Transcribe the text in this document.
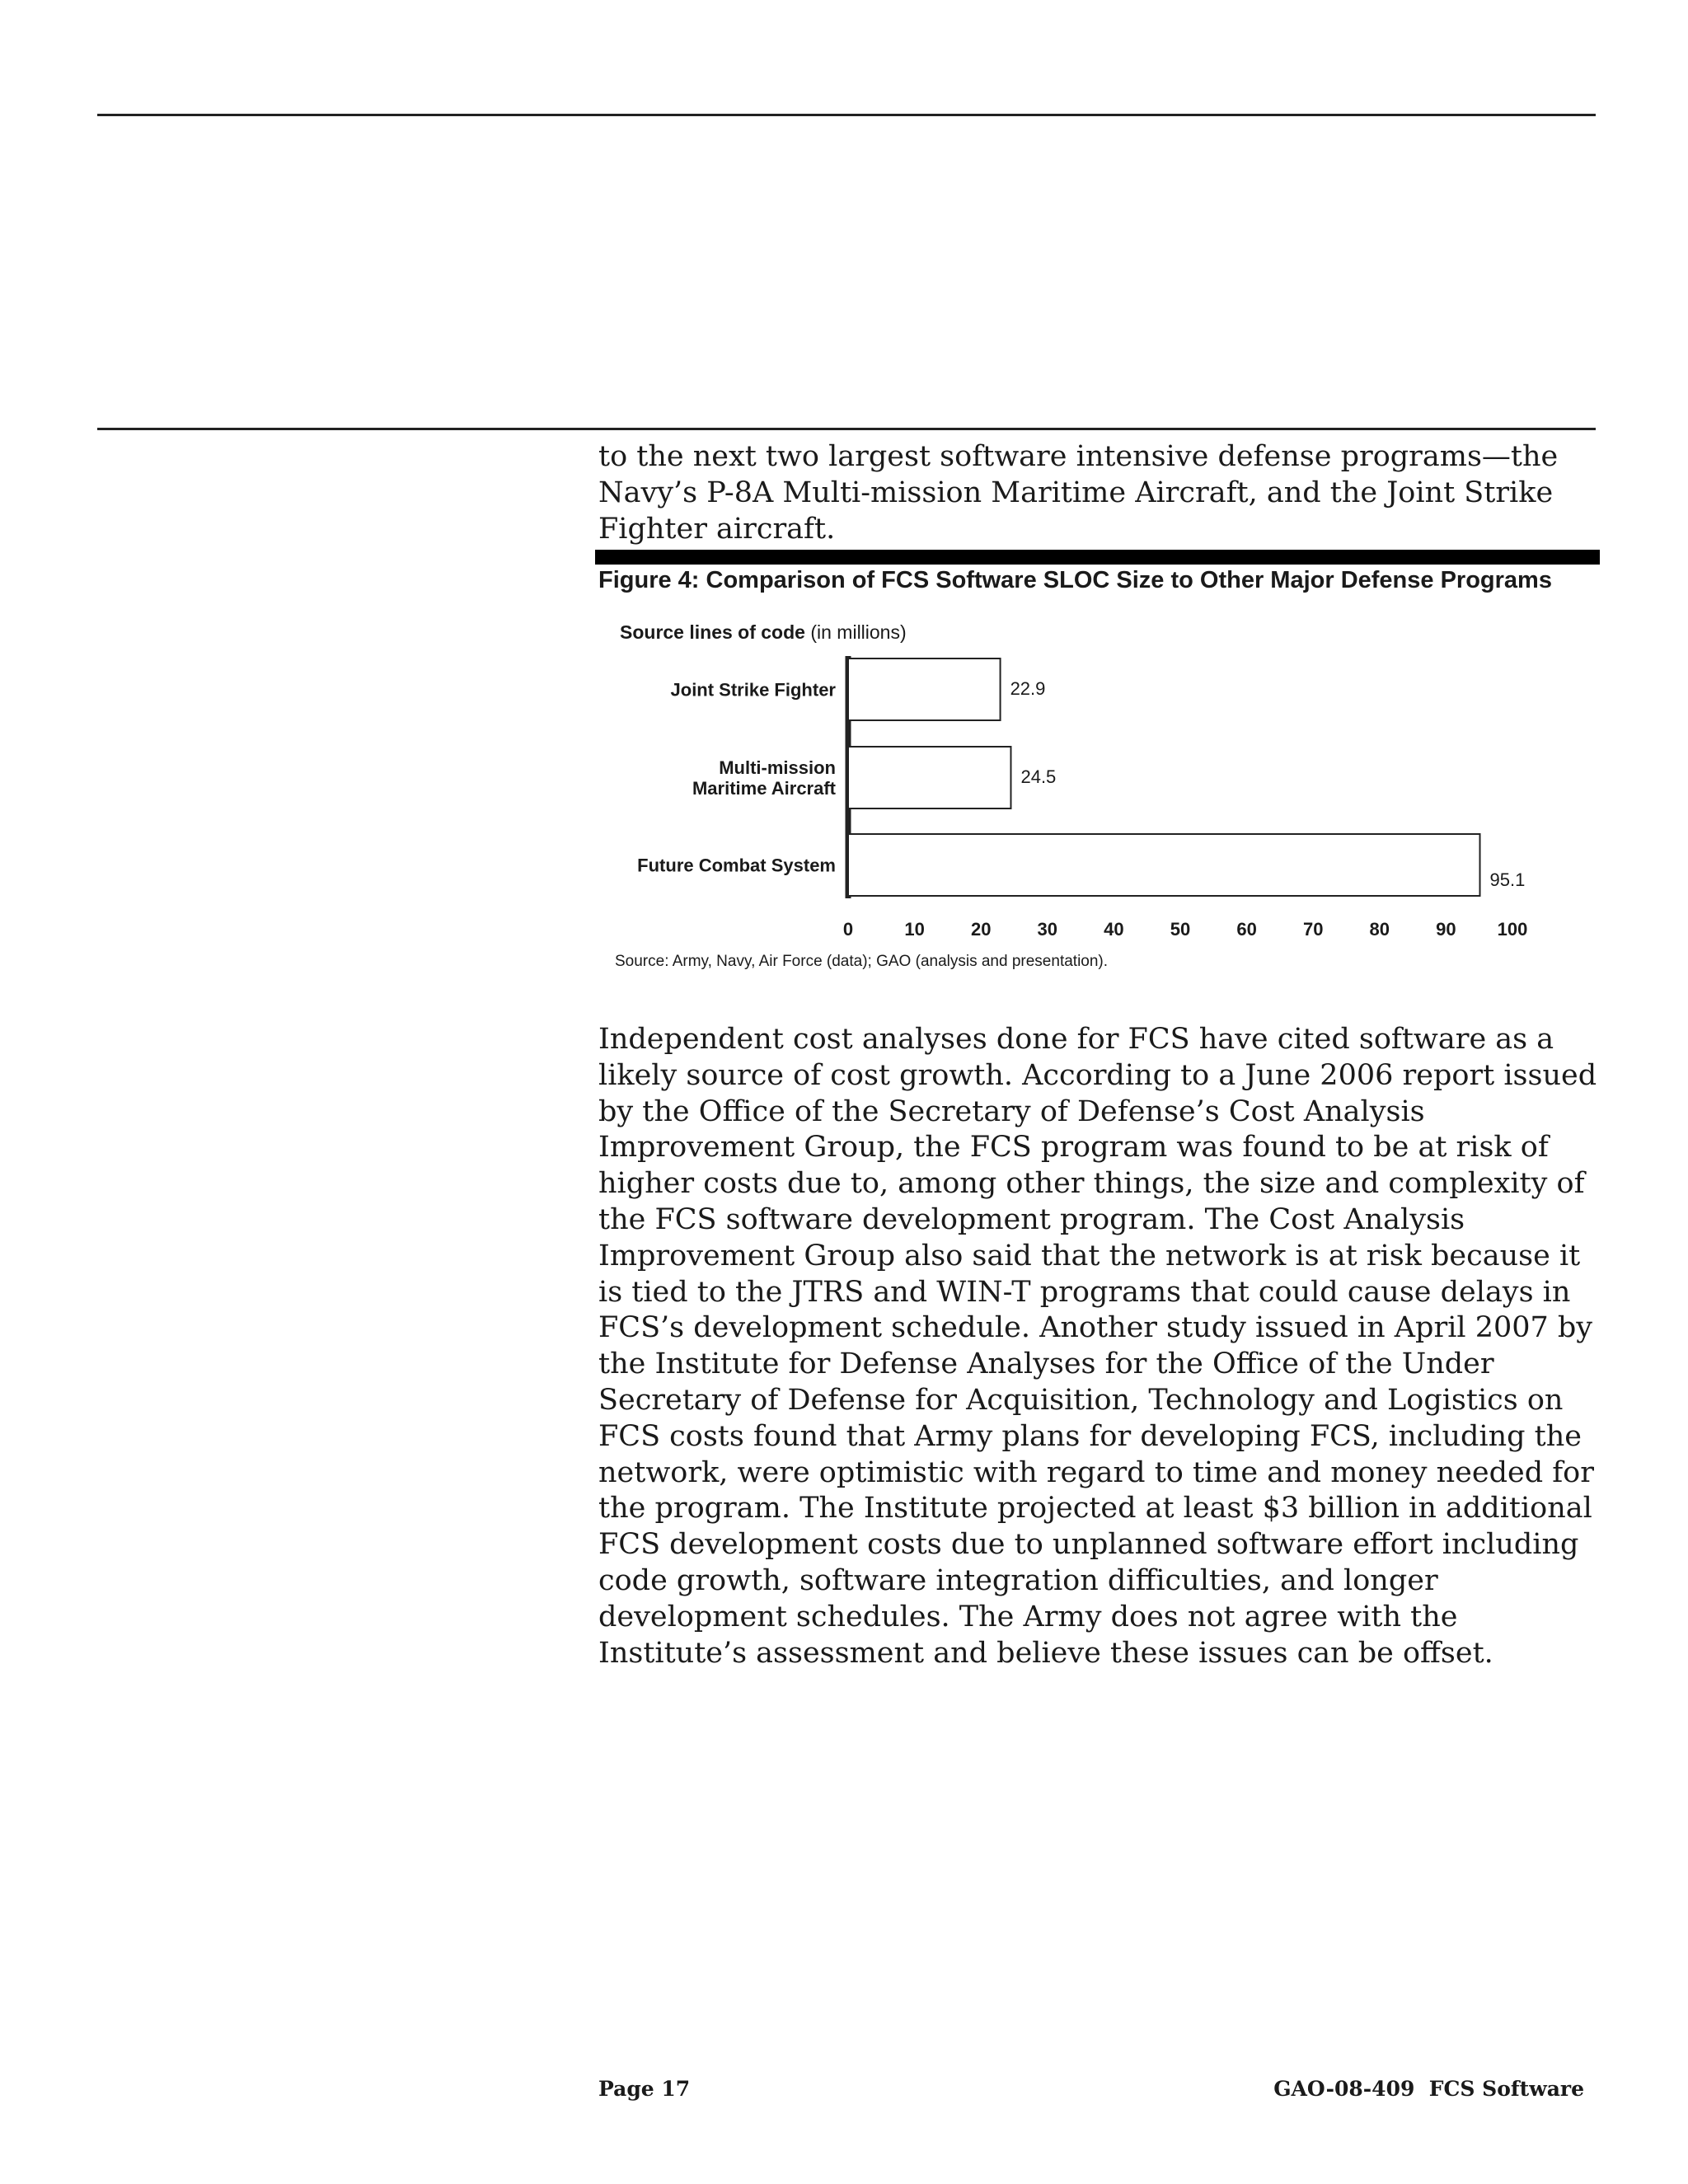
to the next two largest software intensive defense programs—the Navy’s P-8A Multi-mission Maritime Aircraft, and the Joint Strike Fighter aircraft.
Figure 4: Comparison of FCS Software SLOC Size to Other Major Defense Programs
Source lines of code (in millions)
22.9
Joint Strike Fighter
24.5
Multi-mission
Maritime Aircraft
95.1
Future Combat System
0	10	20	30	40	50	60	70	80	90 100
Source: Army, Navy, Air Force (data); GAO (analysis and presentation).
Independent cost analyses done for FCS have cited software as a likely source of cost growth. According to a June 2006 report issued by the Office of the Secretary of Defense’s Cost Analysis Improvement Group, the FCS program was found to be at risk of higher costs due to, among other things, the size and complexity of the FCS software development program. The Cost Analysis Improvement Group also said that the network is at risk because it is tied to the JTRS and WIN-T programs that could cause delays in FCS’s development schedule. Another study issued in April 2007 by the Institute for Defense Analyses for the Office of the Under Secretary of Defense for Acquisition, Technology and Logistics on FCS costs found that Army plans for developing FCS, including the network, were optimistic with regard to time and money needed for the program. The Institute projected at least $3 billion in additional FCS development costs due to unplanned software effort including code growth, software integration difficulties, and longer development schedules. The Army does not agree with the Institute’s assessment and believe these issues can be offset.
Page 17	GAO-08-409  FCS Software
